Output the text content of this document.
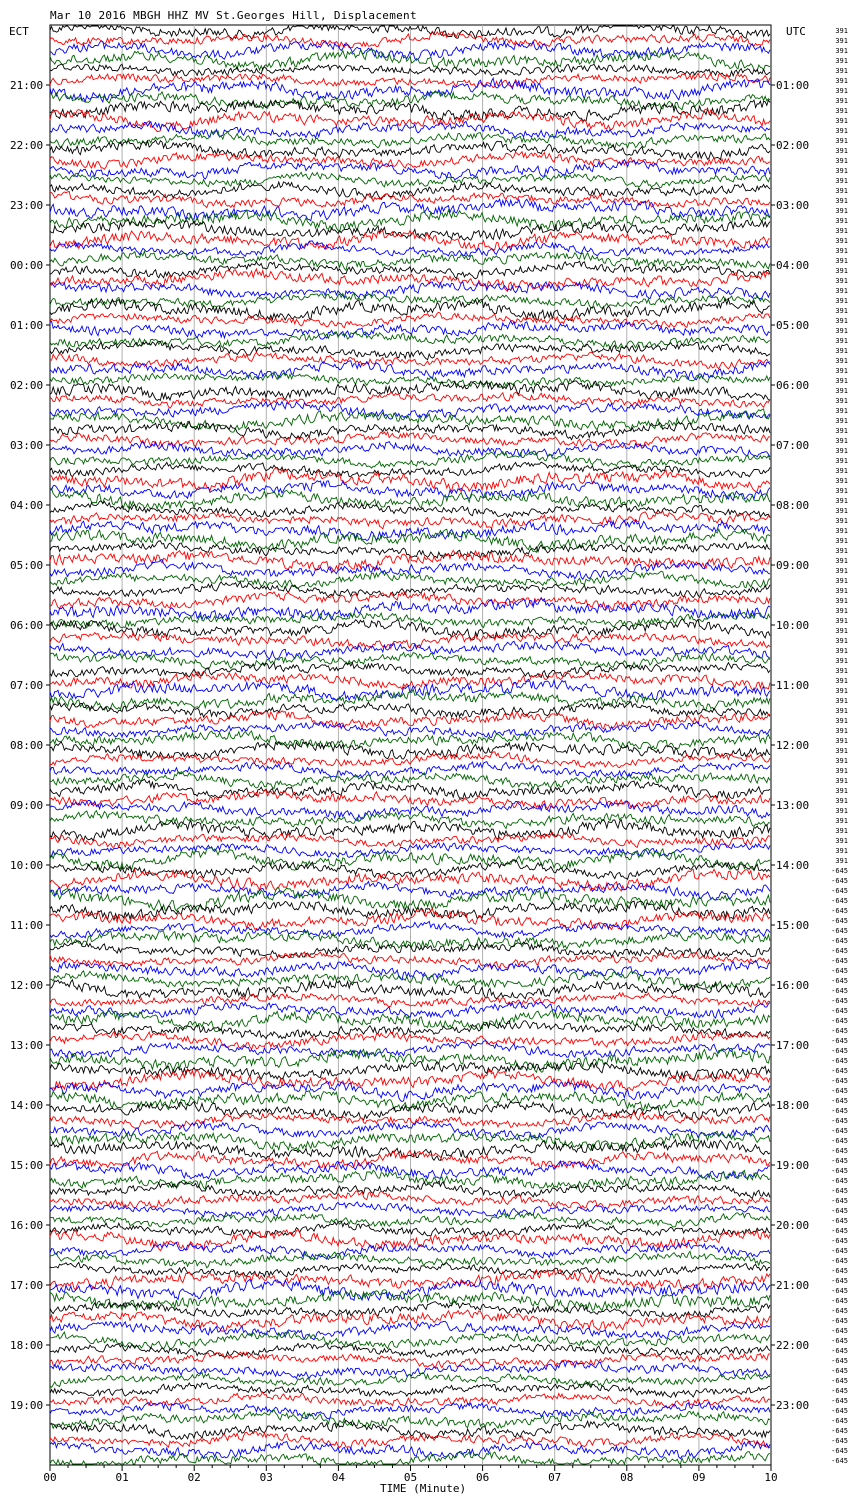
Mar 10 2016 MBGH HHZ MV St.Georges Hill, Displacement
ECT	UTC
00	01	02	03	04	05	06	07	08	09	10
21:00
22:00
23:00
00:00
01:00
02:00
03:00
04:00
05:00
06:00
07:00
08:00
09:00
10:00
11:00
12:00
13:00
14:00
15:00
16:00
17:00
18:00
19:00
01:00
02:00
03:00
04:00
05:00
06:00
07:00
08:00
09:00
10:00
11:00
12:00
13:00
14:00
15:00
16:00
17:00
18:00
19:00
20:00
21:00
22:00
23:00
391
391
391
391
391
391
391
391
391
391
391
391
391
391
391
391
391
391
391
391
391
391
391
391
391
391
391
391
391
391
391
391
391
391
391
391
391
391
391
391
391
391
391
391
391
391
391
391
391
391
391
391
391
391
391
391
391
391
391
391
391
391
391
391
391
391
391
391
391
391
391
391
391
391
391
391
391
391
391
391
391
391
391
391
-645
-645
-645
-645
-645
-645
-645
-645
-645
-645
-645
-645
-645
-645
-645
-645
-645
-645
-645
-645
-645
-645
-645
-645
-645
-645
-645
-645
-645
-645
-645
-645
-645
-645
-645
-645
-645
-645
-645
-645
-645
-645
-645
-645
-645
-645
-645
-645
-645
-645
-645
-645
-645
-645
-645
-645
-645
-645
-645
-645
TIME (Minute)
